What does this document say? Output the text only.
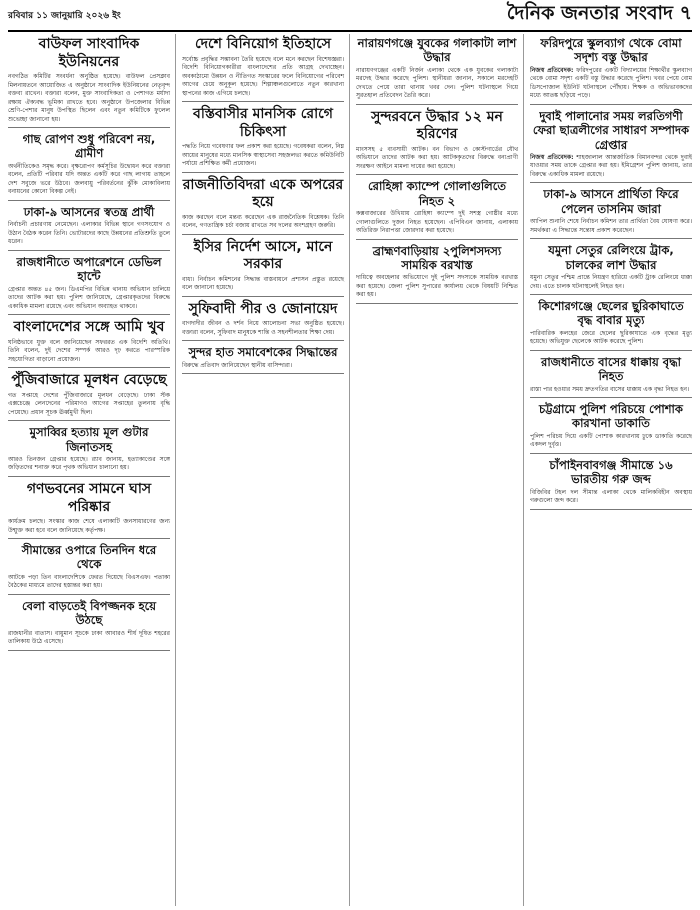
রবিবার ১১ জানুয়ারি ২০২৬ ইং	দৈনিক জনতার সংবাদ ৭
বাউফল সাংবাদিক ইউনিয়নের
নবগঠিত কমিটির সংবর্ধনা অনুষ্ঠিত হয়েছে। বাউফল প্রেসক্লাব মিলনায়তনে আয়োজিত এ অনুষ্ঠানে সাংবাদিক ইউনিয়নের নেতৃবৃন্দ বক্তব্য রাখেন। বক্তারা বলেন, মুক্ত সাংবাদিকতা ও পেশাগত মর্যাদা রক্ষায় ঐক্যবদ্ধ ভূমিকা রাখতে হবে। অনুষ্ঠানে উপজেলার বিভিন্ন শ্রেণি-পেশার মানুষ উপস্থিত ছিলেন এবং নতুন কমিটিকে ফুলেল শুভেচ্ছা জানানো হয়।
গাছ রোপণ শুধু পরিবেশ নয়, গ্রামীণ
অর্থনীতিকেও সমৃদ্ধ করে। বৃক্ষরোপণ কর্মসূচির উদ্বোধন করে বক্তারা বলেন, প্রতিটি পরিবার যদি অন্তত একটি করে গাছ লাগায় তাহলে দেশ সবুজে ভরে উঠবে। জলবায়ু পরিবর্তনের ঝুঁকি মোকাবিলায় বনায়নের কোনো বিকল্প নেই।
ঢাকা-৯ আসনের স্বতন্ত্র প্রার্থী
নির্বাচনী প্রচারণায় নেমেছেন। এলাকার বিভিন্ন স্থানে গণসংযোগ ও উঠান বৈঠক করেন তিনি। ভোটারদের কাছে উন্নয়নের প্রতিশ্রুতি তুলে ধরেন।
রাজধানীতে অপারেশনে ডেভিল হান্টে
গ্রেপ্তার অন্তত ৪৫ জন। ডিএমপির বিভিন্ন থানায় অভিযান চালিয়ে তাদের আটক করা হয়। পুলিশ জানিয়েছে, গ্রেপ্তারকৃতদের বিরুদ্ধে একাধিক মামলা রয়েছে এবং অভিযান অব্যাহত থাকবে।
বাংলাদেশের সঙ্গে আমি খুব
ঘনিষ্ঠভাবে যুক্ত বলে জানিয়েছেন সফররত এক বিদেশি অতিথি। তিনি বলেন, দুই দেশের সম্পর্ক আরও দৃঢ় করতে পারস্পরিক সহযোগিতা বাড়ানো প্রয়োজন।
পুঁজিবাজারে মূলধন বেড়েছে
গত সপ্তাহে দেশের পুঁজিবাজারে মূলধন বেড়েছে। ঢাকা স্টক এক্সচেঞ্জে লেনদেনের পরিমাণও আগের সপ্তাহের তুলনায় বৃদ্ধি পেয়েছে। প্রধান সূচক ঊর্ধ্বমুখী ছিল।
মুসাব্বির হত্যায় মূল গুটার জিনাতসহ
আরও তিনজন গ্রেপ্তার হয়েছে। র‍্যাব জানায়, হত্যাকাণ্ডের সঙ্গে জড়িতদের শনাক্ত করে পৃথক অভিযান চালানো হয়।
গণভবনের সামনে ঘাস পরিষ্কার
কার্যক্রম চলছে। সংস্কার কাজ শেষে এলাকাটি জনসাধারণের জন্য উন্মুক্ত করা হবে বলে জানিয়েছে কর্তৃপক্ষ।
সীমান্তের ওপারে তিনদিন ধরে থেকে
আটকে পড়া তিন বাংলাদেশিকে ফেরত দিয়েছে বিএসএফ। পতাকা বৈঠকের মাধ্যমে তাদের হস্তান্তর করা হয়।
বেলা বাড়তেই বিপজ্জনক হয়ে উঠছে
রাজধানীর বাতাস। বায়ুমান সূচকে ঢাকা আবারও শীর্ষ দূষিত শহরের তালিকায় উঠে এসেছে।
দেশে বিনিয়োগ ইতিহাসে
সর্বোচ্চ প্রবৃদ্ধির সম্ভাবনা তৈরি হয়েছে বলে মনে করছেন বিশেষজ্ঞরা। বিদেশি বিনিয়োগকারীরা বাংলাদেশের প্রতি আগ্রহ দেখাচ্ছেন। অবকাঠামো উন্নয়ন ও নীতিগত সংস্কারের ফলে বিনিয়োগের পরিবেশ আগের চেয়ে অনুকূল হয়েছে। শিল্পাঞ্চলগুলোতে নতুন কারখানা স্থাপনের কাজ এগিয়ে চলছে।
বস্তিবাসীর মানসিক রোগে চিকিৎসা
পদ্ধতি নিয়ে গবেষণার ফল প্রকাশ করা হয়েছে। গবেষকরা বলেন, নিম্ন আয়ের মানুষের মধ্যে মানসিক স্বাস্থ্যসেবা সহজলভ্য করতে কমিউনিটি পর্যায়ে প্রশিক্ষিত কর্মী প্রয়োজন।
রাজনীতিবিদরা একে অপরের হয়ে
কাজ করছেন বলে মন্তব্য করেছেন এক রাজনৈতিক বিশ্লেষক। তিনি বলেন, গণতান্ত্রিক চর্চা বজায় রাখতে সব দলের অংশগ্রহণ জরুরি।
ইসির নির্দেশ আসে, মানে সরকার
বাধ্য। নির্বাচন কমিশনের সিদ্ধান্ত বাস্তবায়নে প্রশাসন প্রস্তুত রয়েছে বলে জানানো হয়েছে।
সুফিবাদী পীর ও জোনায়েদ
বাগদাদীর জীবন ও দর্শন নিয়ে আলোচনা সভা অনুষ্ঠিত হয়েছে। বক্তারা বলেন, সুফিবাদ মানুষকে শান্তি ও সহনশীলতার শিক্ষা দেয়।
সুন্দর হাত সমাবেশকের সিদ্ধান্তের
বিরুদ্ধে প্রতিবাদ জানিয়েছেন স্থানীয় বাসিন্দারা।
নারায়ণগঞ্জে যুবকের গলাকাটা লাশ উদ্ধার
নারায়ণগঞ্জের একটি নির্জন এলাকা থেকে এক যুবকের গলাকাটা মরদেহ উদ্ধার করেছে পুলিশ। স্থানীয়রা জানান, সকালে মরদেহটি দেখতে পেয়ে তারা থানায় খবর দেন। পুলিশ ঘটনাস্থলে গিয়ে সুরতহাল প্রতিবেদন তৈরি করে।
সুন্দরবনে উদ্ধার ১২ মন হরিণের
মাংসসহ ৫ ব্যবসায়ী আটক। বন বিভাগ ও কোস্টগার্ডের যৌথ অভিযানে তাদের আটক করা হয়। আটককৃতদের বিরুদ্ধে বন্যপ্রাণী সংরক্ষণ আইনে মামলা দায়ের করা হয়েছে।
রোহিঙ্গা ক্যাম্পে গোলাগুলিতে নিহত ২
কক্সবাজারের উখিয়ায় রোহিঙ্গা ক্যাম্পে দুই সশস্ত্র গোষ্ঠীর মধ্যে গোলাগুলিতে দুজন নিহত হয়েছেন। এপিবিএন জানায়, এলাকায় অতিরিক্ত নিরাপত্তা জোরদার করা হয়েছে।
ব্রাহ্মণবাড়িয়ায় ২পুলিশসদস্য সাময়িক বরখাস্ত
দায়িত্বে অবহেলার অভিযোগে দুই পুলিশ সদস্যকে সাময়িক বরখাস্ত করা হয়েছে। জেলা পুলিশ সুপারের কার্যালয় থেকে বিষয়টি নিশ্চিত করা হয়।
ফরিদপুরে স্কুলব্যাগ থেকে বোমা সদৃশ্য বস্তু উদ্ধার
নিজস্ব প্রতিবেদক: ফরিদপুরের একটি বিদ্যালয়ের শিক্ষার্থীর স্কুলব্যাগ থেকে বোমা সদৃশ্য একটি বস্তু উদ্ধার করেছে পুলিশ। খবর পেয়ে বোম ডিসপোজাল ইউনিট ঘটনাস্থলে পৌঁছায়। শিক্ষক ও অভিভাবকদের মধ্যে আতঙ্ক ছড়িয়ে পড়ে।
দুবাই পালানোর সময় লরতিগণী ফেরা ছাত্রলীগের সাধারণ সম্পাদক গ্রেপ্তার
নিজস্ব প্রতিবেদক: শাহজালাল আন্তর্জাতিক বিমানবন্দর থেকে দুবাই যাওয়ার সময় তাকে গ্রেপ্তার করা হয়। ইমিগ্রেশন পুলিশ জানায়, তার বিরুদ্ধে একাধিক মামলা রয়েছে।
ঢাকা-৯ আসনে প্রার্থিতা ফিরে পেলেন তাসনিম জারা
আপিল শুনানি শেষে নির্বাচন কমিশন তার প্রার্থিতা বৈধ ঘোষণা করে। সমর্থকরা এ সিদ্ধান্তে সন্তোষ প্রকাশ করেছেন।
যমুনা সেতুর রেলিংয়ে ট্রাক, চালকের লাশ উদ্ধার
যমুনা সেতুর পশ্চিম প্রান্তে নিয়ন্ত্রণ হারিয়ে একটি ট্রাক রেলিংয়ে ধাক্কা দেয়। এতে চালক ঘটনাস্থলেই নিহত হন।
কিশোরগঞ্জে ছেলের ছুরিকাঘাতে বৃদ্ধ বাবার মৃত্যু
পারিবারিক কলহের জেরে ছেলের ছুরিকাঘাতে এক বৃদ্ধের মৃত্যু হয়েছে। অভিযুক্ত ছেলেকে আটক করেছে পুলিশ।
রাজধানীতে বাসের ধাক্কায় বৃদ্ধা নিহত
রাস্তা পার হওয়ার সময় দ্রুতগতির বাসের ধাক্কায় এক বৃদ্ধা নিহত হন।
চট্টগ্রামে পুলিশ পরিচয়ে পোশাক কারখানা ডাকাতি
পুলিশ পরিচয় দিয়ে একটি পোশাক কারখানায় ঢুকে ডাকাতি করেছে একদল দুর্বৃত্ত।
চাঁপাইনবাবগঞ্জ সীমান্তে ১৬ ভারতীয় গরু জব্দ
বিজিবির টহল দল সীমান্ত এলাকা থেকে মালিকবিহীন অবস্থায় গরুগুলো জব্দ করে।
